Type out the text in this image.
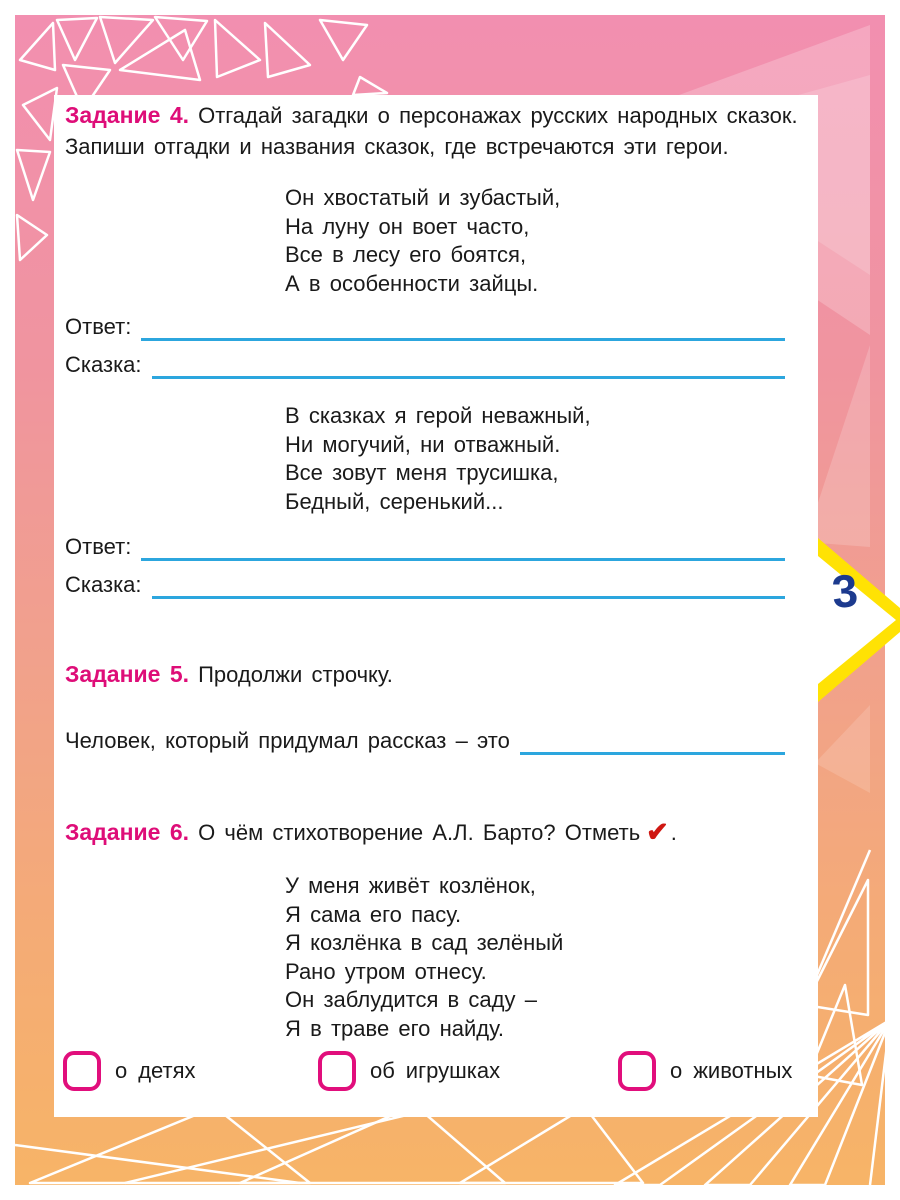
Задание 4. Отгадай загадки о персонажах русских народных сказок.
Запиши отгадки и названия сказок, где встречаются эти герои.
Он хвостатый и зубастый,
На луну он воет часто,
Все в лесу его боятся,
А в особенности зайцы.
Ответ:
Сказка:
В сказках я герой неважный,
Ни могучий, ни отважный.
Все зовут меня трусишка,
Бедный, серенький...
Ответ:
Сказка:
Задание 5. Продолжи строчку.
Человек, который придумал рассказ – это
Задание 6. О чём стихотворение А.Л. Барто? Отметь ✔.
У меня живёт козлёнок,
Я сама его пасу.
Я козлёнка в сад зелёный
Рано утром отнесу.
Он заблудится в саду –
Я в траве его найду.
о детях	об игрушках	о животных
3
